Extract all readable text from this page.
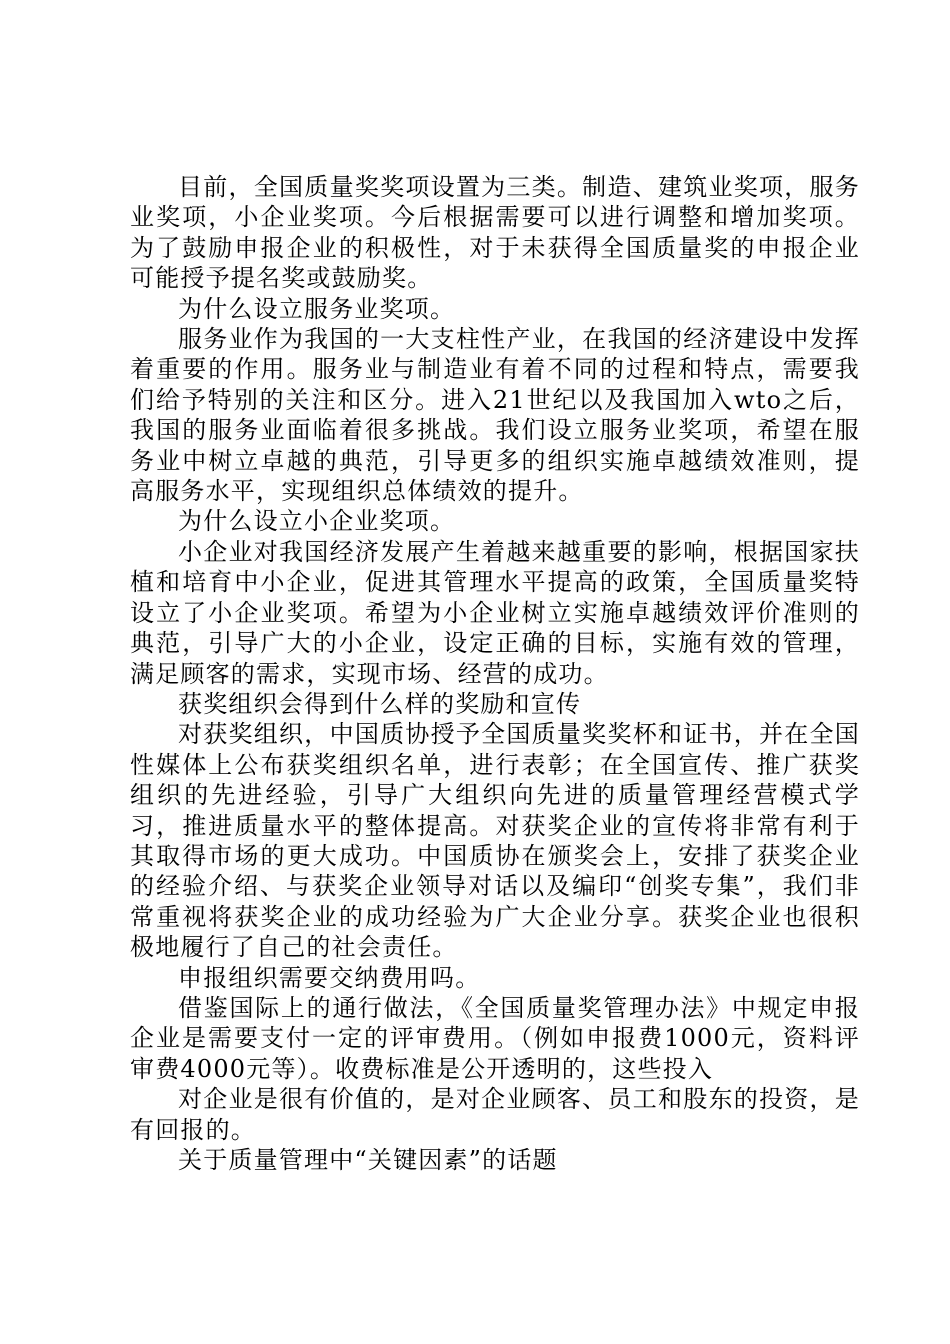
目前，全国质量奖奖项设置为三类。制造、建筑业奖项，服务业奖项，小企业奖项。今后根据需要可以进行调整和增加奖项。为了鼓励申报企业的积极性，对于未获得全国质量奖的申报企业可能授予提名奖或鼓励奖。

为什么设立服务业奖项。

服务业作为我国的一大支柱性产业，在我国的经济建设中发挥着重要的作用。服务业与制造业有着不同的过程和特点，需要我们给予特别的关注和区分。进入21世纪以及我国加入wto之后，我国的服务业面临着很多挑战。我们设立服务业奖项，希望在服务业中树立卓越的典范，引导更多的组织实施卓越绩效准则，提高服务水平，实现组织总体绩效的提升。

为什么设立小企业奖项。

小企业对我国经济发展产生着越来越重要的影响，根据国家扶植和培育中小企业，促进其管理水平提高的政策，全国质量奖特设立了小企业奖项。希望为小企业树立实施卓越绩效评价准则的典范，引导广大的小企业，设定正确的目标，实施有效的管理，满足顾客的需求，实现市场、经营的成功。

获奖组织会得到什么样的奖励和宣传

对获奖组织，中国质协授予全国质量奖奖杯和证书，并在全国性媒体上公布获奖组织名单，进行表彰；在全国宣传、推广获奖组织的先进经验，引导广大组织向先进的质量管理经营模式学习，推进质量水平的整体提高。对获奖企业的宣传将非常有利于其取得市场的更大成功。中国质协在颁奖会上，安排了获奖企业的经验介绍、与获奖企业领导对话以及编印“创奖专集”，我们非常重视将获奖企业的成功经验为广大企业分享。获奖企业也很积极地履行了自己的社会责任。

申报组织需要交纳费用吗。

借鉴国际上的通行做法，《全国质量奖管理办法》中规定申报企业是需要支付一定的评审费用。（例如申报费1000元，资料评审费4000元等）。收费标准是公开透明的，这些投入

对企业是很有价值的，是对企业顾客、员工和股东的投资，是有回报的。

关于质量管理中“关键因素”的话题
